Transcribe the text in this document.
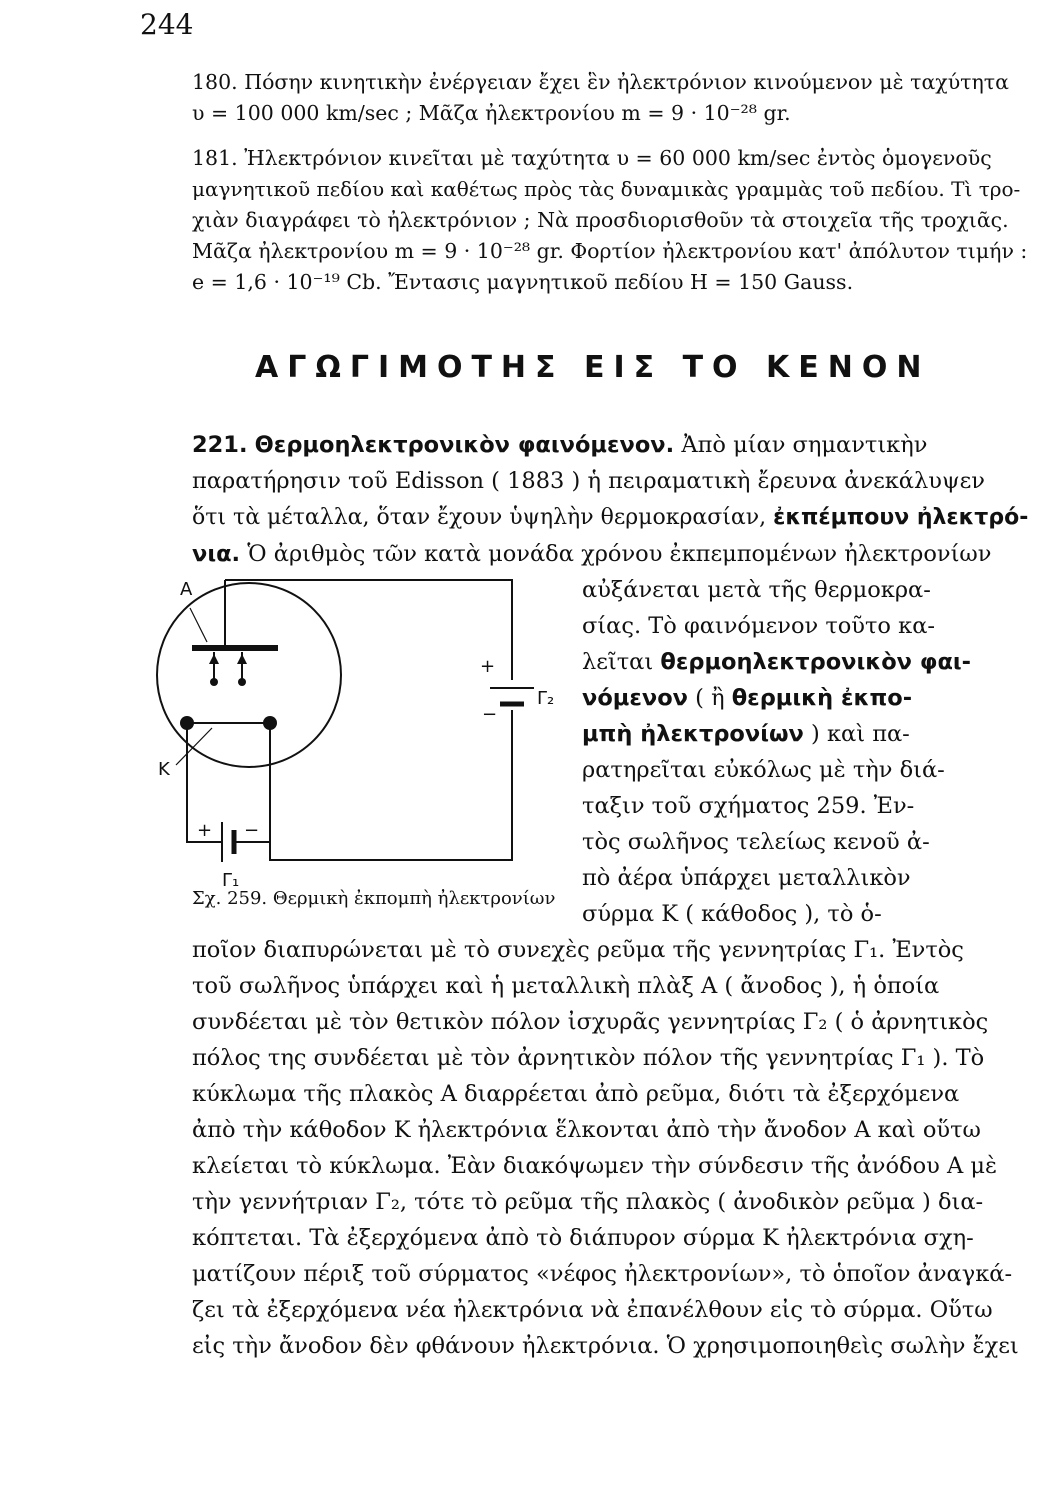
244
180. Πόσην κινητικὴν ἐνέργειαν ἔχει ἓν ἠλεκτρόνιον κινούμενον μὲ ταχύτητα
υ = 100 000 km/sec ; Μᾶζα ἠλεκτρονίου m = 9 · 10⁻²⁸ gr.
181. Ἠλεκτρόνιον κινεῖται μὲ ταχύτητα υ = 60 000 km/sec ἐντὸς ὁμογενοῦς
μαγνητικοῦ πεδίου καὶ καθέτως πρὸς τὰς δυναμικὰς γραμμὰς τοῦ πεδίου. Τὶ τρο-
χιὰν διαγράφει τὸ ἠλεκτρόνιον ; Νὰ προσδιορισθοῦν τὰ στοιχεῖα τῆς τροχιᾶς.
Μᾶζα ἠλεκτρονίου m = 9 · 10⁻²⁸ gr. Φορτίον ἠλεκτρονίου κατ' ἀπόλυτον τιμήν :
e = 1,6 · 10⁻¹⁹ Cb. Ἔντασις μαγνητικοῦ πεδίου H = 150 Gauss.
ΑΓΩΓΙΜΟΤΗΣ ΕΙΣ ΤΟ ΚΕΝΟΝ
221. Θερμοηλεκτρονικὸν φαινόμενον. Ἀπὸ μίαν σημαντικὴν
παρατήρησιν τοῦ Edisson ( 1883 ) ἡ πειραματικὴ ἔρευνα ἀνεκάλυψεν
ὅτι τὰ μέταλλα, ὅταν ἔχουν ὑψηλὴν θερμοκρασίαν, ἐκπέμπουν ἠλεκτρό-
νια. Ὁ ἀριθμὸς τῶν κατὰ μονάδα χρόνου ἐκπεμπομένων ἠλεκτρονίων
αὐξάνεται μετὰ τῆς θερμοκρα-
σίας. Τὸ φαινόμενον τοῦτο κα-
λεῖται θερμοηλεκτρονικὸν φαι-
νόμενον ( ἢ θερμικὴ ἐκπο-
μπὴ ἠλεκτρονίων ) καὶ πα-
ρατηρεῖται εὐκόλως μὲ τὴν διά-
ταξιν τοῦ σχήματος 259. Ἐν-
τὸς σωλῆνος τελείως κενοῦ ἀ-
πὸ ἀέρα ὑπάρχει μεταλλικὸν
σύρμα Κ ( κάθοδος ), τὸ ὁ-
Α
Κ
+
−
Γ₂
+ −
Γ₁
Σχ. 259. Θερμικὴ ἐκπομπὴ ἠλεκτρονίων
ποῖον διαπυρώνεται μὲ τὸ συνεχὲς ρεῦμα τῆς γεννητρίας Γ₁. Ἐντὸς
τοῦ σωλῆνος ὑπάρχει καὶ ἡ μεταλλικὴ πλὰξ Α ( ἄνοδος ), ἡ ὁποία
συνδέεται μὲ τὸν θετικὸν πόλον ἰσχυρᾶς γεννητρίας Γ₂ ( ὁ ἀρνητικὸς
πόλος της συνδέεται μὲ τὸν ἀρνητικὸν πόλον τῆς γεννητρίας Γ₁ ). Τὸ
κύκλωμα τῆς πλακὸς Α διαρρέεται ἀπὸ ρεῦμα, διότι τὰ ἐξερχόμενα
ἀπὸ τὴν κάθοδον Κ ἠλεκτρόνια ἕλκονται ἀπὸ τὴν ἄνοδον Α καὶ οὕτω
κλείεται τὸ κύκλωμα. Ἐὰν διακόψωμεν τὴν σύνδεσιν τῆς ἀνόδου Α μὲ
τὴν γεννήτριαν Γ₂, τότε τὸ ρεῦμα τῆς πλακὸς ( ἀνοδικὸν ρεῦμα ) δια-
κόπτεται. Τὰ ἐξερχόμενα ἀπὸ τὸ διάπυρον σύρμα Κ ἠλεκτρόνια σχη-
ματίζουν πέριξ τοῦ σύρματος «νέφος ἠλεκτρονίων», τὸ ὁποῖον ἀναγκά-
ζει τὰ ἐξερχόμενα νέα ἠλεκτρόνια νὰ ἐπανέλθουν εἰς τὸ σύρμα. Οὕτω
εἰς τὴν ἄνοδον δὲν φθάνουν ἠλεκτρόνια. Ὁ χρησιμοποιηθεὶς σωλὴν ἔχει
